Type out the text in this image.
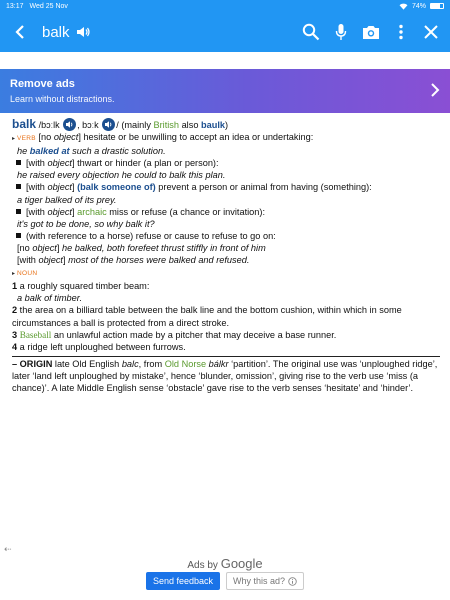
13:17 Wed 25 Nov	74%
balk
Remove ads
Learn without distractions.
balk /bɔːlk , bɔːk / (mainly British also baulk)
▸ VERB [no object] hesitate or be unwilling to accept an idea or undertaking:
he balked at such a drastic solution.
[with object] thwart or hinder (a plan or person):
he raised every objection he could to balk this plan.
[with object] (balk someone of) prevent a person or animal from having (something):
a tiger balked of its prey.
[with object] archaic miss or refuse (a chance or invitation):
it's got to be done, so why balk it?
(with reference to a horse) refuse or cause to refuse to go on:
[no object] he balked, both forefeet thrust stiffly in front of him
[with object] most of the horses were balked and refused.
▸ NOUN
1 a roughly squared timber beam:
a balk of timber.
2 the area on a billiard table between the balk line and the bottom cushion, within which in some circumstances a ball is protected from a direct stroke.
3 Baseball an unlawful action made by a pitcher that may deceive a base runner.
4 a ridge left unploughed between furrows.
– ORIGIN late Old English balc, from Old Norse bálkr ‘partition’. The original use was ‘unploughed ridge’, later ‘land left unploughed by mistake’, hence ‘blunder, omission’, giving rise to the verb use ‘miss (a chance)’. A late Middle English sense ‘obstacle’ gave rise to the verb senses ‘hesitate’ and ‘hinder’.
⇠
Ads by Google
Send feedback	Why this ad?
